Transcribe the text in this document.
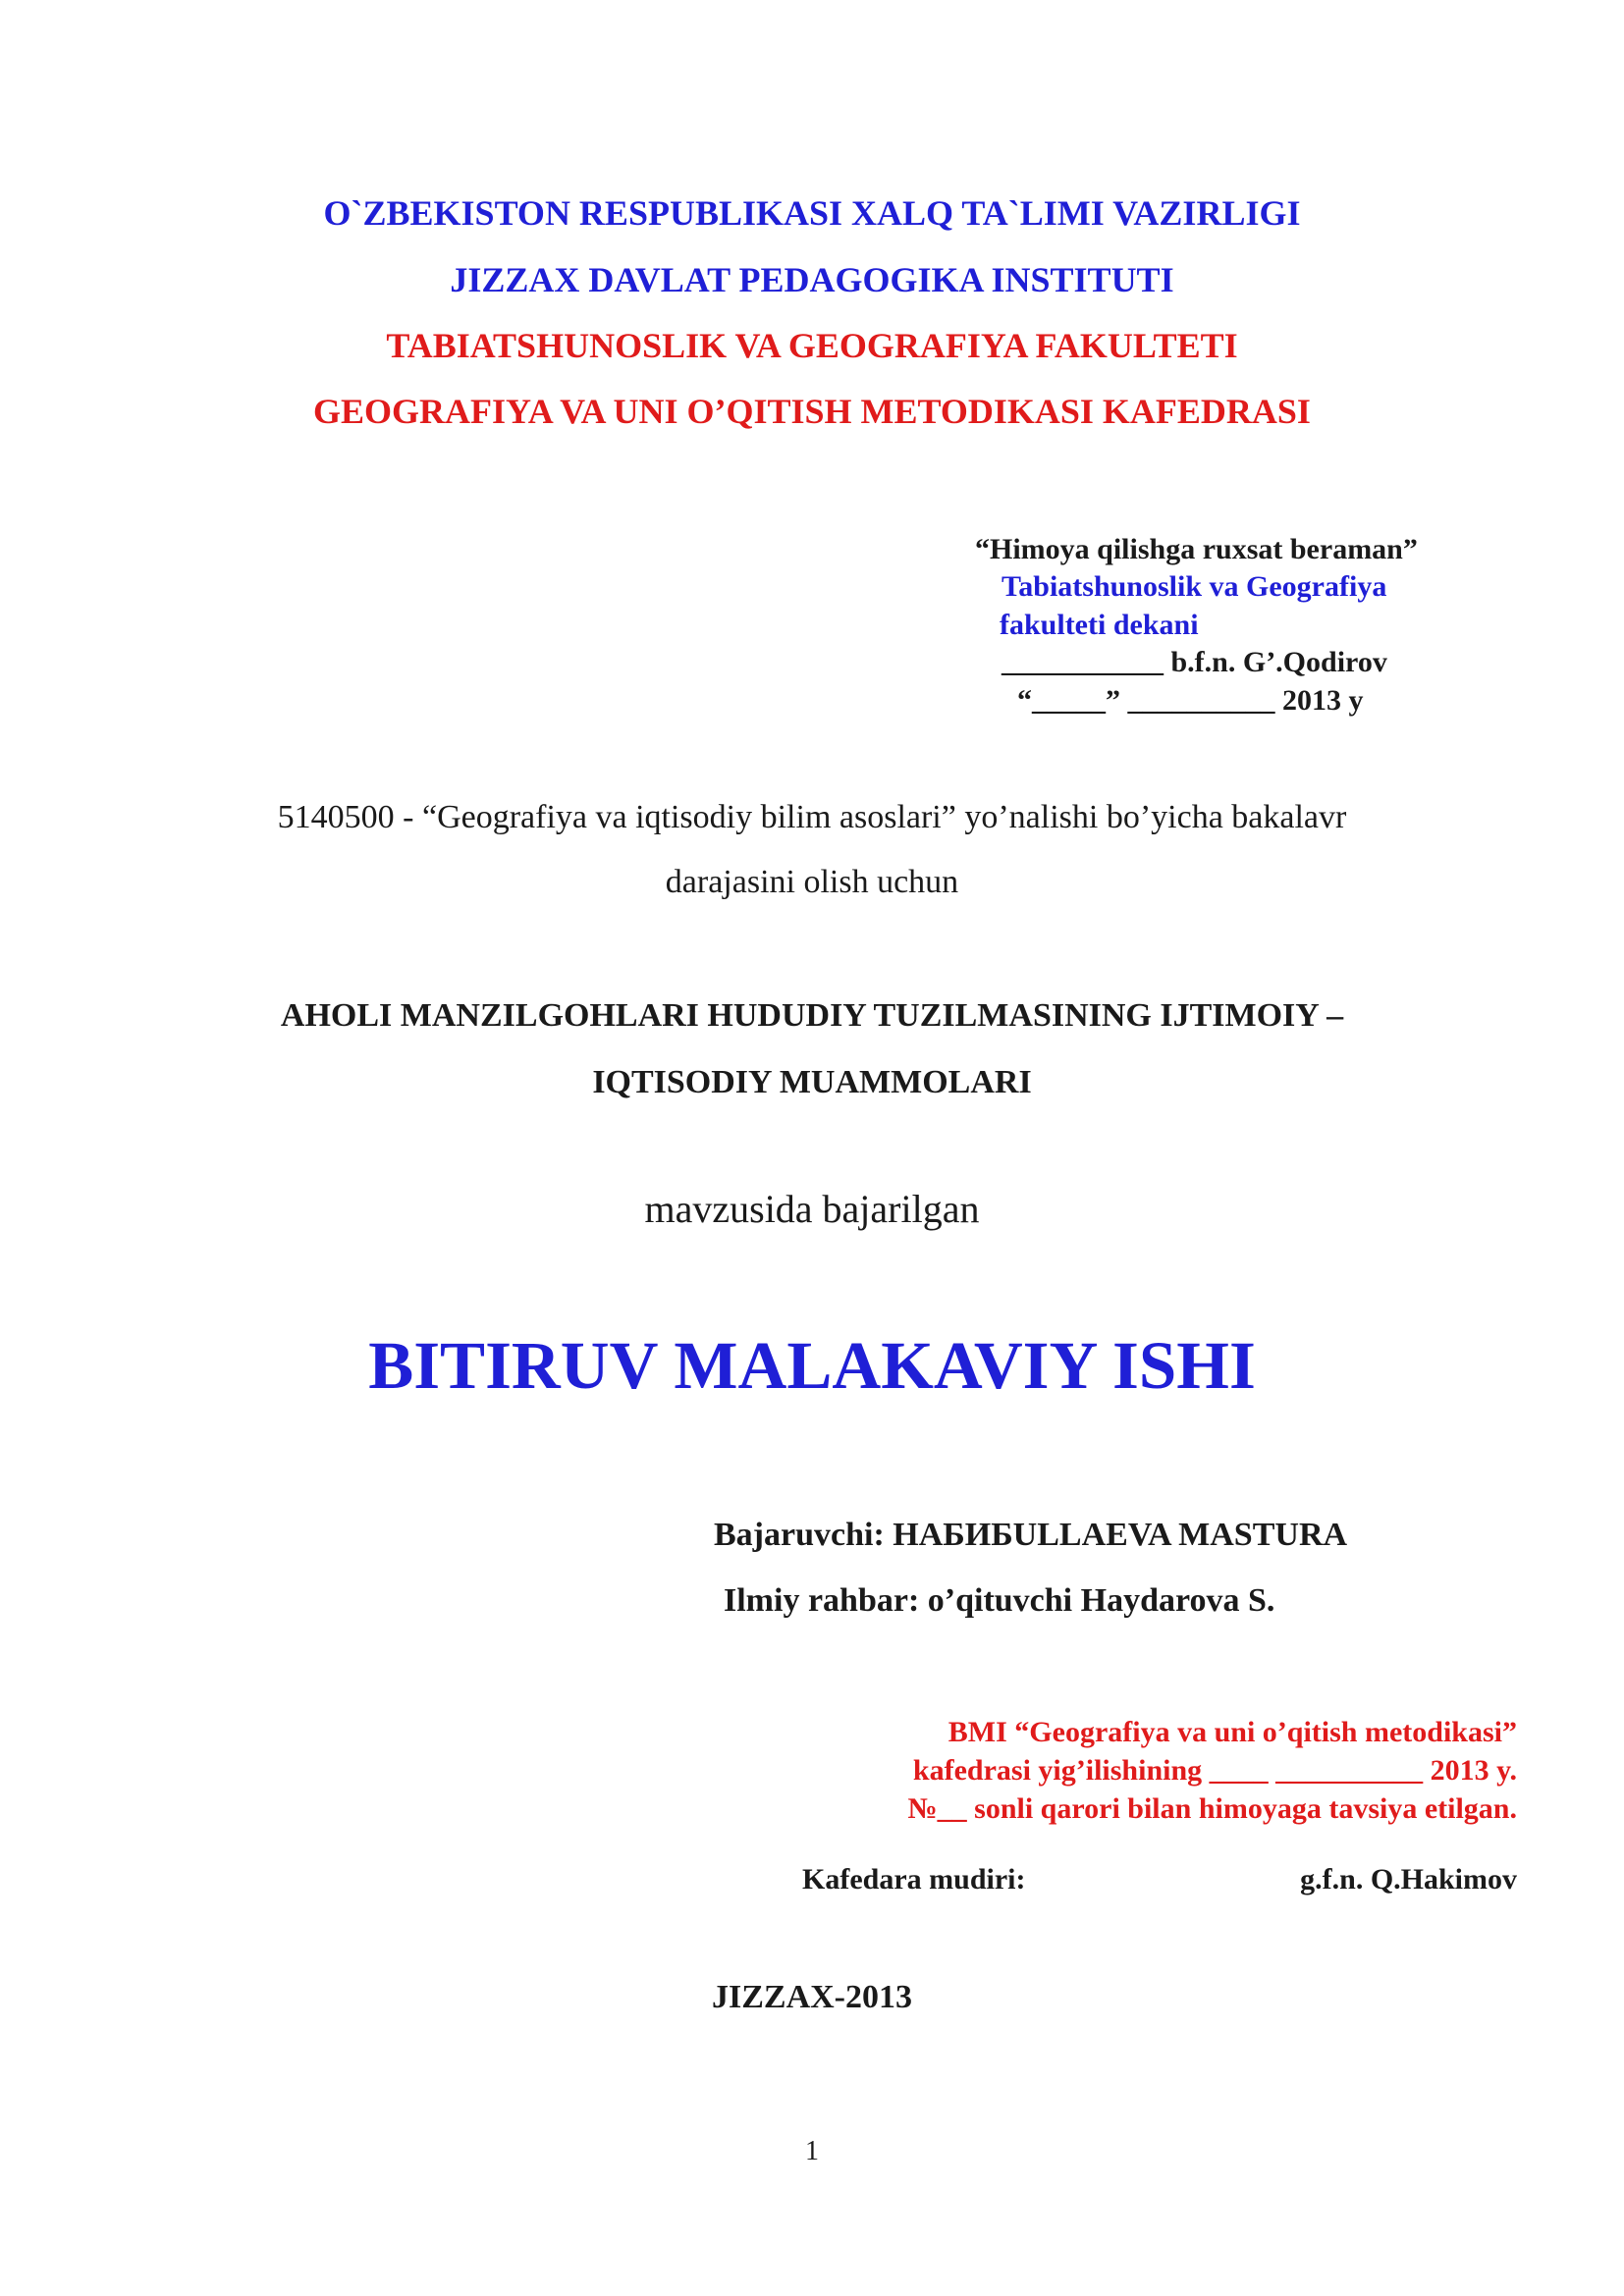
O`ZBEKISTON RESPUBLIKASI XALQ TA`LIMI VAZIRLIGI
JIZZAX DAVLAT PEDAGOGIKA INSTITUTI
TABIATSHUNOSLIK VA GEOGRAFIYA FAKULTETI
GEOGRAFIYA VA UNI O’QITISH METODIKASI KAFEDRASI
“Himoya qilishga ruxsat beraman”
Tabiatshunoslik va Geografiya
fakulteti dekani
___________ b.f.n. G’.Qodirov
“_____” __________ 2013 y
5140500 - “Geografiya va iqtisodiy bilim asoslari” yo’nalishi bo’yicha bakalavr
darajasini olish uchun
AHOLI MANZILGOHLARI HUDUDIY TUZILMASINING IJTIMOIY –
IQTISODIY MUAMMOLARI
mavzusida bajarilgan
BITIRUV MALAKAVIY ISHI
Bajaruvchi: НАБИБULLAEVA MASTURA
Ilmiy rahbar: o’qituvchi Haydarova S.
BMI “Geografiya va uni o’qitish metodikasi”
kafedrasi yig’ilishining ____ __________ 2013 y.
№__ sonli qarori bilan himoyaga tavsiya etilgan.
Kafedara mudiri:	g.f.n. Q.Hakimov
JIZZAX-2013
1
